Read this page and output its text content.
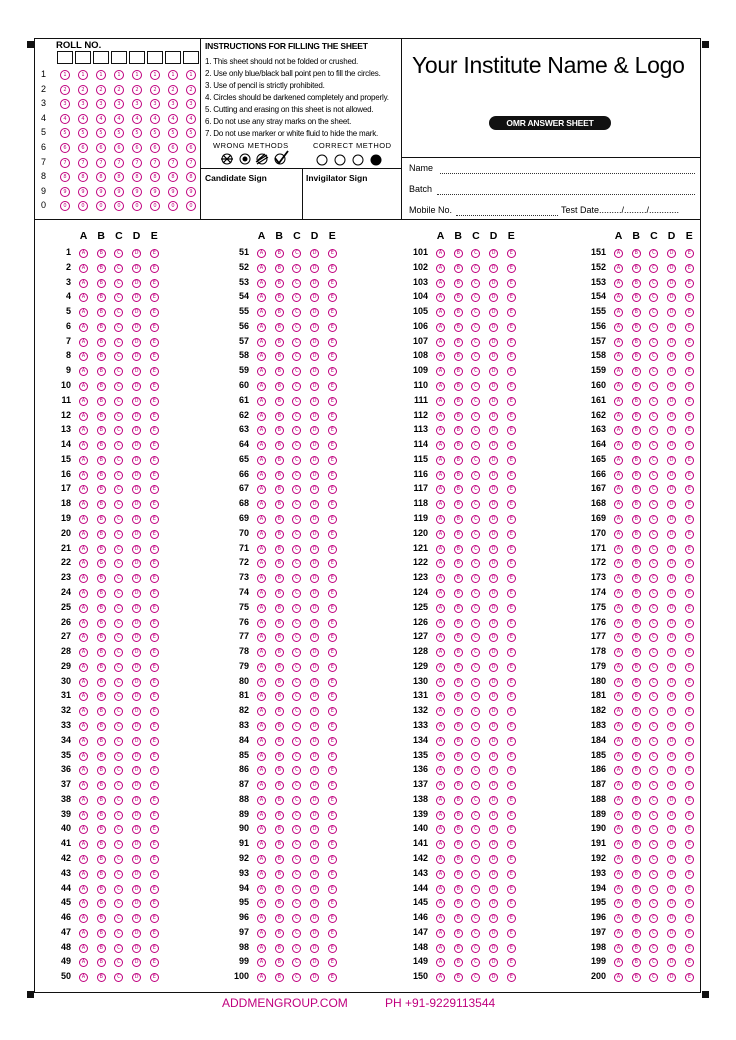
ROLL NO.
1	1	1	1	1	1	1	1	1
2	2	2	2	2	2	2	2	2
3	3	3	3	3	3	3	3	3
4	4	4	4	4	4	4	4	4
5	5	5	5	5	5	5	5	5
6	6	6	6	6	6	6	6	6
7	7	7	7	7	7	7	7	7
8	8	8	8	8	8	8	8	8
9	9	9	9	9	9	9	9	9
0	0	0	0	0	0	0	0	0
INSTRUCTIONS FOR FILLING THE SHEET
1. This sheet should not be folded or crushed.
2. Use only blue/black ball point pen to fill the circles.
3. Use of pencil is strictly prohibited.
4. Circles should be darkened completely and properly.
5. Cutting and erasing on this sheet is not allowed.
6. Do not use any stray marks on the sheet.
7. Do not use marker or white fluid to hide the mark.
WRONG METHODS	CORRECT METHOD
Candidate Sign	Invigilator Sign
Your Institute Name & Logo
OMR ANSWER SHEET
Name
Batch
Mobile No.	Test Date........./........./............
A B C D E
1	A	B	C	D	E
2	A	B	C	D	E
3	A	B	C	D	E
4	A	B	C	D	E
5	A	B	C	D	E
6	A	B	C	D	E
7	A	B	C	D	E
8	A	B	C	D	E
9	A	B	C	D	E
10	A	B	C	D	E
11	A	B	C	D	E
12	A	B	C	D	E
13	A	B	C	D	E
14	A	B	C	D	E
15	A	B	C	D	E
16	A	B	C	D	E
17	A	B	C	D	E
18	A	B	C	D	E
19	A	B	C	D	E
20	A	B	C	D	E
21	A	B	C	D	E
22	A	B	C	D	E
23	A	B	C	D	E
24	A	B	C	D	E
25	A	B	C	D	E
26	A	B	C	D	E
27	A	B	C	D	E
28	A	B	C	D	E
29	A	B	C	D	E
30	A	B	C	D	E
31	A	B	C	D	E
32	A	B	C	D	E
33	A	B	C	D	E
34	A	B	C	D	E
35	A	B	C	D	E
36	A	B	C	D	E
37	A	B	C	D	E
38	A	B	C	D	E
39	A	B	C	D	E
40	A	B	C	D	E
41	A	B	C	D	E
42	A	B	C	D	E
43	A	B	C	D	E
44	A	B	C	D	E
45	A	B	C	D	E
46	A	B	C	D	E
47	A	B	C	D	E
48	A	B	C	D	E
49	A	B	C	D	E
50	A	B	C	D	E
A B C D E
51	A	B	C	D	E
52	A	B	C	D	E
53	A	B	C	D	E
54	A	B	C	D	E
55	A	B	C	D	E
56	A	B	C	D	E
57	A	B	C	D	E
58	A	B	C	D	E
59	A	B	C	D	E
60	A	B	C	D	E
61	A	B	C	D	E
62	A	B	C	D	E
63	A	B	C	D	E
64	A	B	C	D	E
65	A	B	C	D	E
66	A	B	C	D	E
67	A	B	C	D	E
68	A	B	C	D	E
69	A	B	C	D	E
70	A	B	C	D	E
71	A	B	C	D	E
72	A	B	C	D	E
73	A	B	C	D	E
74	A	B	C	D	E
75	A	B	C	D	E
76	A	B	C	D	E
77	A	B	C	D	E
78	A	B	C	D	E
79	A	B	C	D	E
80	A	B	C	D	E
81	A	B	C	D	E
82	A	B	C	D	E
83	A	B	C	D	E
84	A	B	C	D	E
85	A	B	C	D	E
86	A	B	C	D	E
87	A	B	C	D	E
88	A	B	C	D	E
89	A	B	C	D	E
90	A	B	C	D	E
91	A	B	C	D	E
92	A	B	C	D	E
93	A	B	C	D	E
94	A	B	C	D	E
95	A	B	C	D	E
96	A	B	C	D	E
97	A	B	C	D	E
98	A	B	C	D	E
99	A	B	C	D	E
100	A	B	C	D	E
A B C D E
101	A	B	C	D	E
102	A	B	C	D	E
103	A	B	C	D	E
104	A	B	C	D	E
105	A	B	C	D	E
106	A	B	C	D	E
107	A	B	C	D	E
108	A	B	C	D	E
109	A	B	C	D	E
110	A	B	C	D	E
111	A	B	C	D	E
112	A	B	C	D	E
113	A	B	C	D	E
114	A	B	C	D	E
115	A	B	C	D	E
116	A	B	C	D	E
117	A	B	C	D	E
118	A	B	C	D	E
119	A	B	C	D	E
120	A	B	C	D	E
121	A	B	C	D	E
122	A	B	C	D	E
123	A	B	C	D	E
124	A	B	C	D	E
125	A	B	C	D	E
126	A	B	C	D	E
127	A	B	C	D	E
128	A	B	C	D	E
129	A	B	C	D	E
130	A	B	C	D	E
131	A	B	C	D	E
132	A	B	C	D	E
133	A	B	C	D	E
134	A	B	C	D	E
135	A	B	C	D	E
136	A	B	C	D	E
137	A	B	C	D	E
138	A	B	C	D	E
139	A	B	C	D	E
140	A	B	C	D	E
141	A	B	C	D	E
142	A	B	C	D	E
143	A	B	C	D	E
144	A	B	C	D	E
145	A	B	C	D	E
146	A	B	C	D	E
147	A	B	C	D	E
148	A	B	C	D	E
149	A	B	C	D	E
150	A	B	C	D	E
A B C D E
151	A	B	C	D	E
152	A	B	C	D	E
153	A	B	C	D	E
154	A	B	C	D	E
155	A	B	C	D	E
156	A	B	C	D	E
157	A	B	C	D	E
158	A	B	C	D	E
159	A	B	C	D	E
160	A	B	C	D	E
161	A	B	C	D	E
162	A	B	C	D	E
163	A	B	C	D	E
164	A	B	C	D	E
165	A	B	C	D	E
166	A	B	C	D	E
167	A	B	C	D	E
168	A	B	C	D	E
169	A	B	C	D	E
170	A	B	C	D	E
171	A	B	C	D	E
172	A	B	C	D	E
173	A	B	C	D	E
174	A	B	C	D	E
175	A	B	C	D	E
176	A	B	C	D	E
177	A	B	C	D	E
178	A	B	C	D	E
179	A	B	C	D	E
180	A	B	C	D	E
181	A	B	C	D	E
182	A	B	C	D	E
183	A	B	C	D	E
184	A	B	C	D	E
185	A	B	C	D	E
186	A	B	C	D	E
187	A	B	C	D	E
188	A	B	C	D	E
189	A	B	C	D	E
190	A	B	C	D	E
191	A	B	C	D	E
192	A	B	C	D	E
193	A	B	C	D	E
194	A	B	C	D	E
195	A	B	C	D	E
196	A	B	C	D	E
197	A	B	C	D	E
198	A	B	C	D	E
199	A	B	C	D	E
200	A	B	C	D	E
ADDMENGROUP.COM	PH +91-9229113544
